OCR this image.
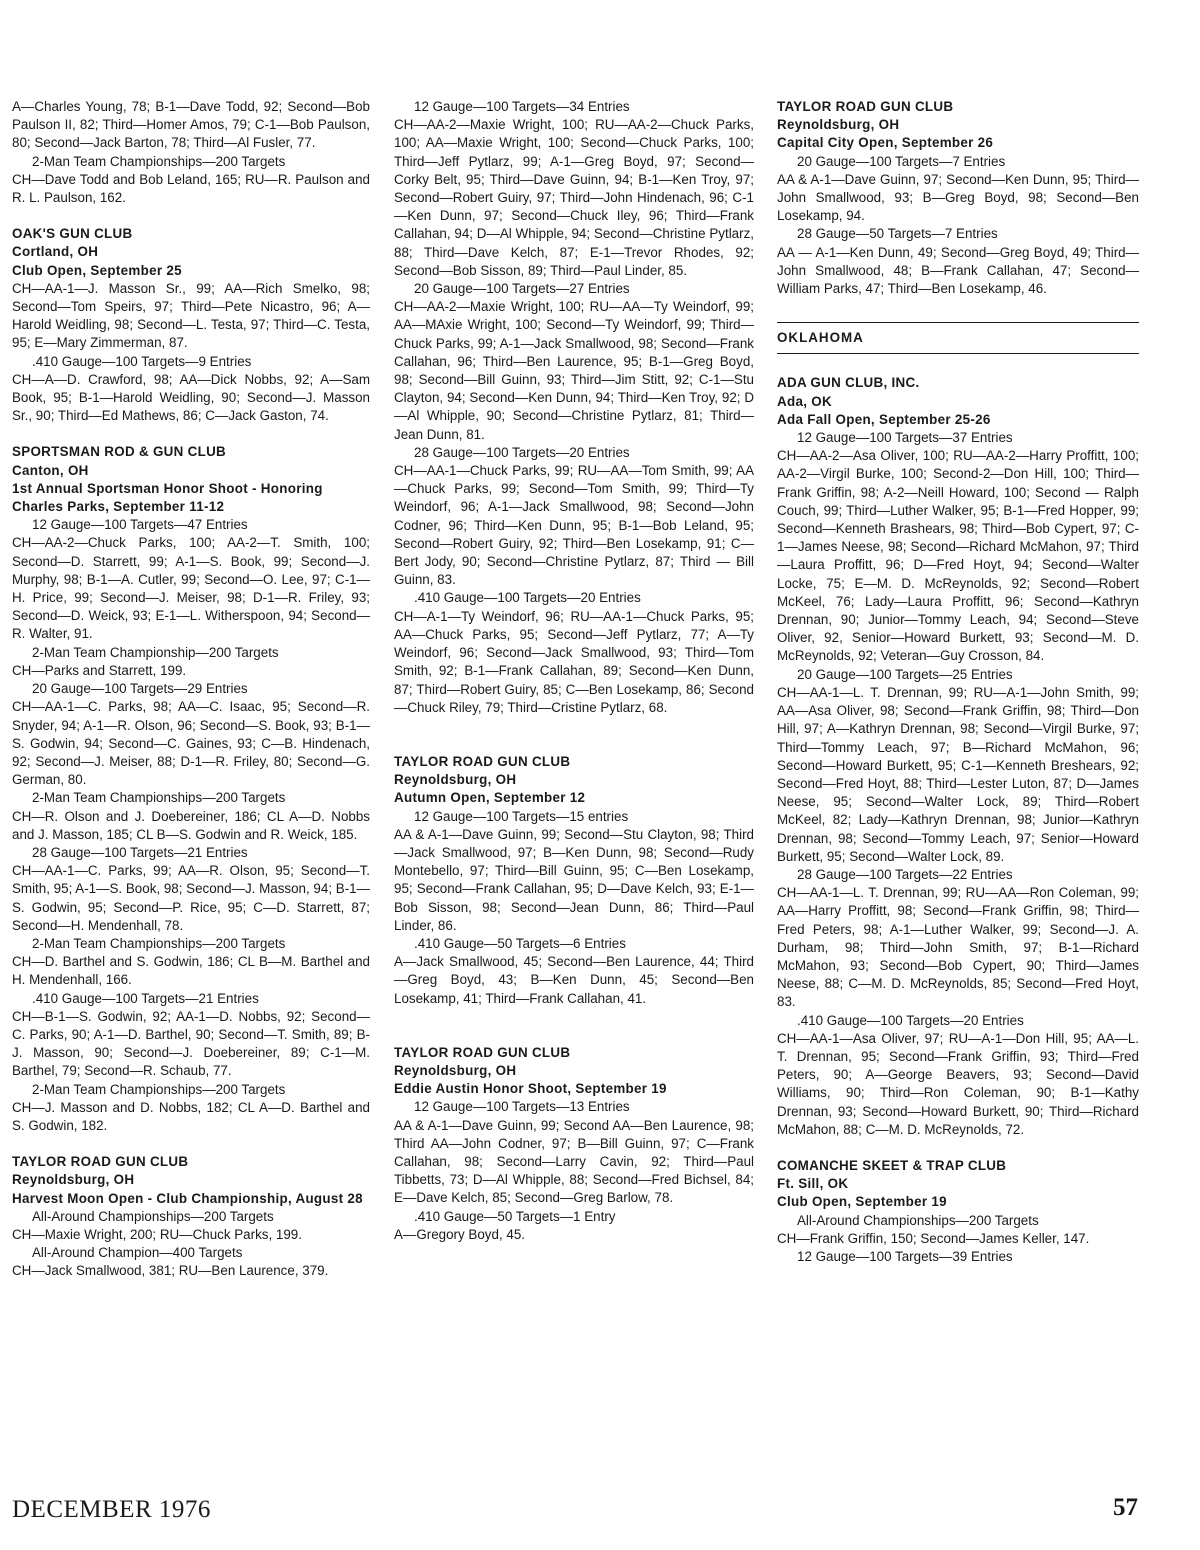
A—Charles Young, 78; B-1—Dave Todd, 92; Second—Bob Paulson II, 82; Third—Homer Amos, 79; C-1—Bob Paulson, 80; Second—Jack Barton, 78; Third—Al Fusler, 77.

2-Man Team Championships—200 Targets

CH—Dave Todd and Bob Leland, 165; RU—R. Paulson and R. L. Paulson, 162.

OAK'S GUN CLUB

Cortland, OH

Club Open, September 25

CH—AA-1—J. Masson Sr., 99; AA—Rich Smelko, 98; Second—Tom Speirs, 97; Third—Pete Nicastro, 96; A—Harold Weidling, 98; Second—L. Testa, 97; Third—C. Testa, 95; E—Mary Zimmerman, 87.

.410 Gauge—100 Targets—9 Entries

CH—A—D. Crawford, 98; AA—Dick Nobbs, 92; A—Sam Book, 95; B-1—Harold Weidling, 90; Second—J. Masson Sr., 90; Third—Ed Mathews, 86; C—Jack Gaston, 74.

SPORTSMAN ROD & GUN CLUB

Canton, OH

1st Annual Sportsman Honor Shoot - Honoring Charles Parks, September 11-12

12 Gauge—100 Targets—47 Entries

CH—AA-2—Chuck Parks, 100; AA-2—T. Smith, 100; Second—D. Starrett, 99; A-1—S. Book, 99; Second—J. Murphy, 98; B-1—A. Cutler, 99; Second—O. Lee, 97; C-1—H. Price, 99; Second—J. Meiser, 98; D-1—R. Friley, 93; Second—D. Weick, 93; E-1—L. Witherspoon, 94; Second—R. Walter, 91.

2-Man Team Championship—200 Targets

CH—Parks and Starrett, 199.

20 Gauge—100 Targets—29 Entries

CH—AA-1—C. Parks, 98; AA—C. Isaac, 95; Second—R. Snyder, 94; A-1—R. Olson, 96; Second—S. Book, 93; B-1—S. Godwin, 94; Second—C. Gaines, 93; C—B. Hindenach, 92; Second—J. Meiser, 88; D-1—R. Friley, 80; Second—G. German, 80.

2-Man Team Championships—200 Targets

CH—R. Olson and J. Doebereiner, 186; CL A—D. Nobbs and J. Masson, 185; CL B—S. Godwin and R. Weick, 185.

28 Gauge—100 Targets—21 Entries

CH—AA-1—C. Parks, 99; AA—R. Olson, 95; Second—T. Smith, 95; A-1—S. Book, 98; Second—J. Masson, 94; B-1—S. Godwin, 95; Second—P. Rice, 95; C—D. Starrett, 87; Second—H. Mendenhall, 78.

2-Man Team Championships—200 Targets

CH—D. Barthel and S. Godwin, 186; CL B—M. Barthel and H. Mendenhall, 166.

.410 Gauge—100 Targets—21 Entries

CH—B-1—S. Godwin, 92; AA-1—D. Nobbs, 92; Second—C. Parks, 90; A-1—D. Barthel, 90; Second—T. Smith, 89; B-J. Masson, 90; Second—J. Doebereiner, 89; C-1—M. Barthel, 79; Second—R. Schaub, 77.

2-Man Team Championships—200 Targets

CH—J. Masson and D. Nobbs, 182; CL A—D. Barthel and S. Godwin, 182.

TAYLOR ROAD GUN CLUB

Reynoldsburg, OH

Harvest Moon Open - Club Championship, August 28

All-Around Championships—200 Targets

CH—Maxie Wright, 200; RU—Chuck Parks, 199.

All-Around Champion—400 Targets

CH—Jack Smallwood, 381; RU—Ben Laurence, 379.

12 Gauge—100 Targets—34 Entries

CH—AA-2—Maxie Wright, 100; RU—AA-2—Chuck Parks, 100; AA—Maxie Wright, 100; Second—Chuck Parks, 100; Third—Jeff Pytlarz, 99; A-1—Greg Boyd, 97; Second—Corky Belt, 95; Third—Dave Guinn, 94; B-1—Ken Troy, 97; Second—Robert Guiry, 97; Third—John Hindenach, 96; C-1—Ken Dunn, 97; Second—Chuck Iley, 96; Third—Frank Callahan, 94; D—Al Whipple, 94; Second—Christine Pytlarz, 88; Third—Dave Kelch, 87; E-1—Trevor Rhodes, 92; Second—Bob Sisson, 89; Third—Paul Linder, 85.

20 Gauge—100 Targets—27 Entries

CH—AA-2—Maxie Wright, 100; RU—AA—Ty Weindorf, 99; AA—MAxie Wright, 100; Second—Ty Weindorf, 99; Third—Chuck Parks, 99; A-1—Jack Smallwood, 98; Second—Frank Callahan, 96; Third—Ben Laurence, 95; B-1—Greg Boyd, 98; Second—Bill Guinn, 93; Third—Jim Stitt, 92; C-1—Stu Clayton, 94; Second—Ken Dunn, 94; Third—Ken Troy, 92; D—Al Whipple, 90; Second—Christine Pytlarz, 81; Third—Jean Dunn, 81.

28 Gauge—100 Targets—20 Entries

CH—AA-1—Chuck Parks, 99; RU—AA—Tom Smith, 99; AA—Chuck Parks, 99; Second—Tom Smith, 99; Third—Ty Weindorf, 96; A-1—Jack Smallwood, 98; Second—John Codner, 96; Third—Ken Dunn, 95; B-1—Bob Leland, 95; Second—Robert Guiry, 92; Third—Ben Losekamp, 91; C—Bert Jody, 90; Second—Christine Pytlarz, 87; Third — Bill Guinn, 83.

.410 Gauge—100 Targets—20 Entries

CH—A-1—Ty Weindorf, 96; RU—AA-1—Chuck Parks, 95; AA—Chuck Parks, 95; Second—Jeff Pytlarz, 77; A—Ty Weindorf, 96; Second—Jack Smallwood, 93; Third—Tom Smith, 92; B-1—Frank Callahan, 89; Second—Ken Dunn, 87; Third—Robert Guiry, 85; C—Ben Losekamp, 86; Second—Chuck Riley, 79; Third—Cristine Pytlarz, 68.

TAYLOR ROAD GUN CLUB

Reynoldsburg, OH

Autumn Open, September 12

12 Gauge—100 Targets—15 entries

AA & A-1—Dave Guinn, 99; Second—Stu Clayton, 98; Third—Jack Smallwood, 97; B—Ken Dunn, 98; Second—Rudy Montebello, 97; Third—Bill Guinn, 95; C—Ben Losekamp, 95; Second—Frank Callahan, 95; D—Dave Kelch, 93; E-1—Bob Sisson, 98; Second—Jean Dunn, 86; Third—Paul Linder, 86.

.410 Gauge—50 Targets—6 Entries

A—Jack Smallwood, 45; Second—Ben Laurence, 44; Third—Greg Boyd, 43; B—Ken Dunn, 45; Second—Ben Losekamp, 41; Third—Frank Callahan, 41.

TAYLOR ROAD GUN CLUB

Reynoldsburg, OH

Eddie Austin Honor Shoot, September 19

12 Gauge—100 Targets—13 Entries

AA & A-1—Dave Guinn, 99; Second AA—Ben Laurence, 98; Third AA—John Codner, 97; B—Bill Guinn, 97; C—Frank Callahan, 98; Second—Larry Cavin, 92; Third—Paul Tibbetts, 73; D—Al Whipple, 88; Second—Fred Bichsel, 84; E—Dave Kelch, 85; Second—Greg Barlow, 78.

.410 Gauge—50 Targets—1 Entry

A—Gregory Boyd, 45.

TAYLOR ROAD GUN CLUB

Reynoldsburg, OH

Capital City Open, September 26

20 Gauge—100 Targets—7 Entries

AA & A-1—Dave Guinn, 97; Second—Ken Dunn, 95; Third—John Smallwood, 93; B—Greg Boyd, 98; Second—Ben Losekamp, 94.

28 Gauge—50 Targets—7 Entries

AA — A-1—Ken Dunn, 49; Second—Greg Boyd, 49; Third—John Smallwood, 48; B—Frank Callahan, 47; Second—William Parks, 47; Third—Ben Losekamp, 46.

OKLAHOMA

ADA GUN CLUB, INC.

Ada, OK

Ada Fall Open, September 25-26

12 Gauge—100 Targets—37 Entries

CH—AA-2—Asa Oliver, 100; RU—AA-2—Harry Proffitt, 100; AA-2—Virgil Burke, 100; Second-2—Don Hill, 100; Third—Frank Griffin, 98; A-2—Neill Howard, 100; Second — Ralph Couch, 99; Third—Luther Walker, 95; B-1—Fred Hopper, 99; Second—Kenneth Brashears, 98; Third—Bob Cypert, 97; C-1—James Neese, 98; Second—Richard McMahon, 97; Third—Laura Proffitt, 96; D—Fred Hoyt, 94; Second—Walter Locke, 75; E—M. D. McReynolds, 92; Second—Robert McKeel, 76; Lady—Laura Proffitt, 96; Second—Kathryn Drennan, 90; Junior—Tommy Leach, 94; Second—Steve Oliver, 92, Senior—Howard Burkett, 93; Second—M. D. McReynolds, 92; Veteran—Guy Crosson, 84.

20 Gauge—100 Targets—25 Entries

CH—AA-1—L. T. Drennan, 99; RU—A-1—John Smith, 99; AA—Asa Oliver, 98; Second—Frank Griffin, 98; Third—Don Hill, 97; A—Kathryn Drennan, 98; Second—Virgil Burke, 97; Third—Tommy Leach, 97; B—Richard McMahon, 96; Second—Howard Burkett, 95; C-1—Kenneth Breshears, 92; Second—Fred Hoyt, 88; Third—Lester Luton, 87; D—James Neese, 95; Second—Walter Lock, 89; Third—Robert McKeel, 82; Lady—Kathryn Drennan, 98; Junior—Kathryn Drennan, 98; Second—Tommy Leach, 97; Senior—Howard Burkett, 95; Second—Walter Lock, 89.

28 Gauge—100 Targets—22 Entries

CH—AA-1—L. T. Drennan, 99; RU—AA—Ron Coleman, 99; AA—Harry Proffitt, 98; Second—Frank Griffin, 98; Third—Fred Peters, 98; A-1—Luther Walker, 99; Second—J. A. Durham, 98; Third—John Smith, 97; B-1—Richard McMahon, 93; Second—Bob Cypert, 90; Third—James Neese, 88; C—M. D. McReynolds, 85; Second—Fred Hoyt, 83.

.410 Gauge—100 Targets—20 Entries

CH—AA-1—Asa Oliver, 97; RU—A-1—Don Hill, 95; AA—L. T. Drennan, 95; Second—Frank Griffin, 93; Third—Fred Peters, 90; A—George Beavers, 93; Second—David Williams, 90; Third—Ron Coleman, 90; B-1—Kathy Drennan, 93; Second—Howard Burkett, 90; Third—Richard McMahon, 88; C—M. D. McReynolds, 72.

COMANCHE SKEET & TRAP CLUB

Ft. Sill, OK

Club Open, September 19

All-Around Championships—200 Targets

CH—Frank Griffin, 150; Second—James Keller, 147.

12 Gauge—100 Targets—39 Entries

DECEMBER 1976	57
